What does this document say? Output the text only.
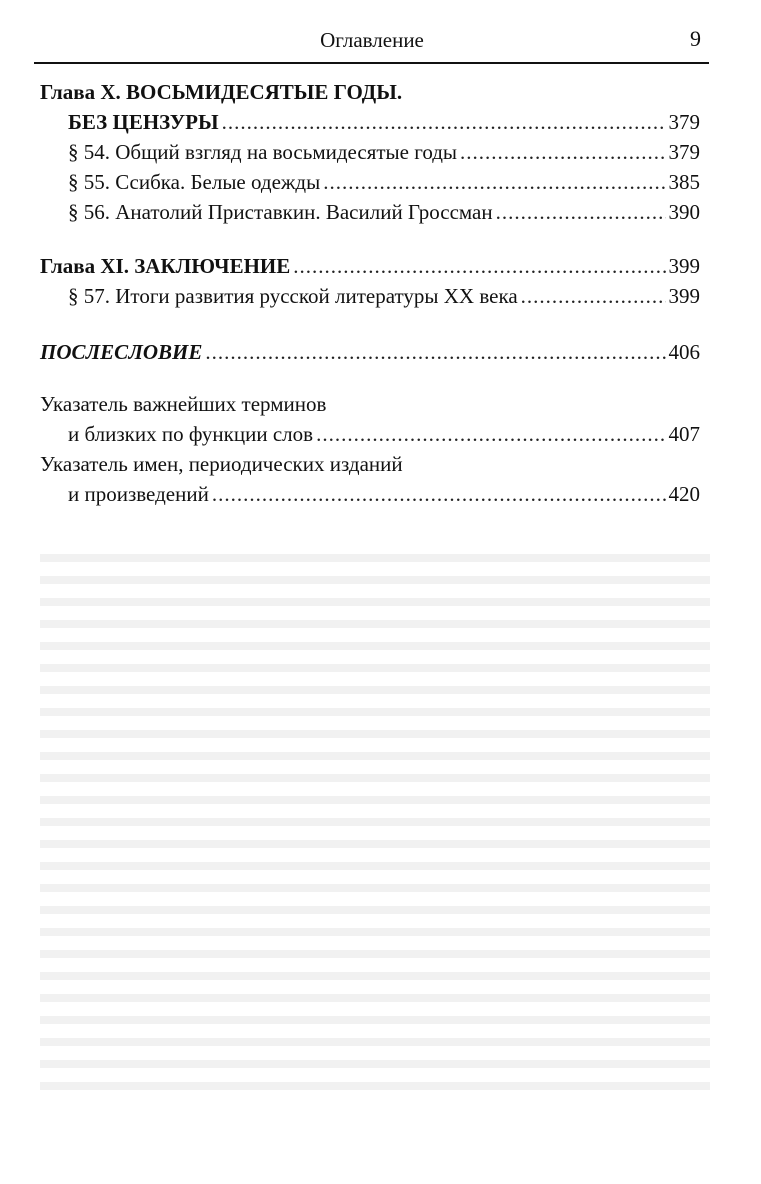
Оглавление	9
Глава X. ВОСЬМИДЕСЯТЫЕ ГОДЫ.
БЕЗ ЦЕНЗУРЫ .....	379
§ 54. Общий взгляд на восьмидесятые годы .....	379
§ 55. Ссибка. Белые одежды .....	385
§ 56. Анатолий Приставкин. Василий Гроссман .....	390
Глава XI. ЗАКЛЮЧЕНИЕ .....	399
§ 57. Итоги развития русской литературы XX века .....	399
ПОСЛЕСЛОВИЕ .....	406
Указатель важнейших терминов
и близких по функции слов .....	407
Указатель имен, периодических изданий
и произведений .....	420
